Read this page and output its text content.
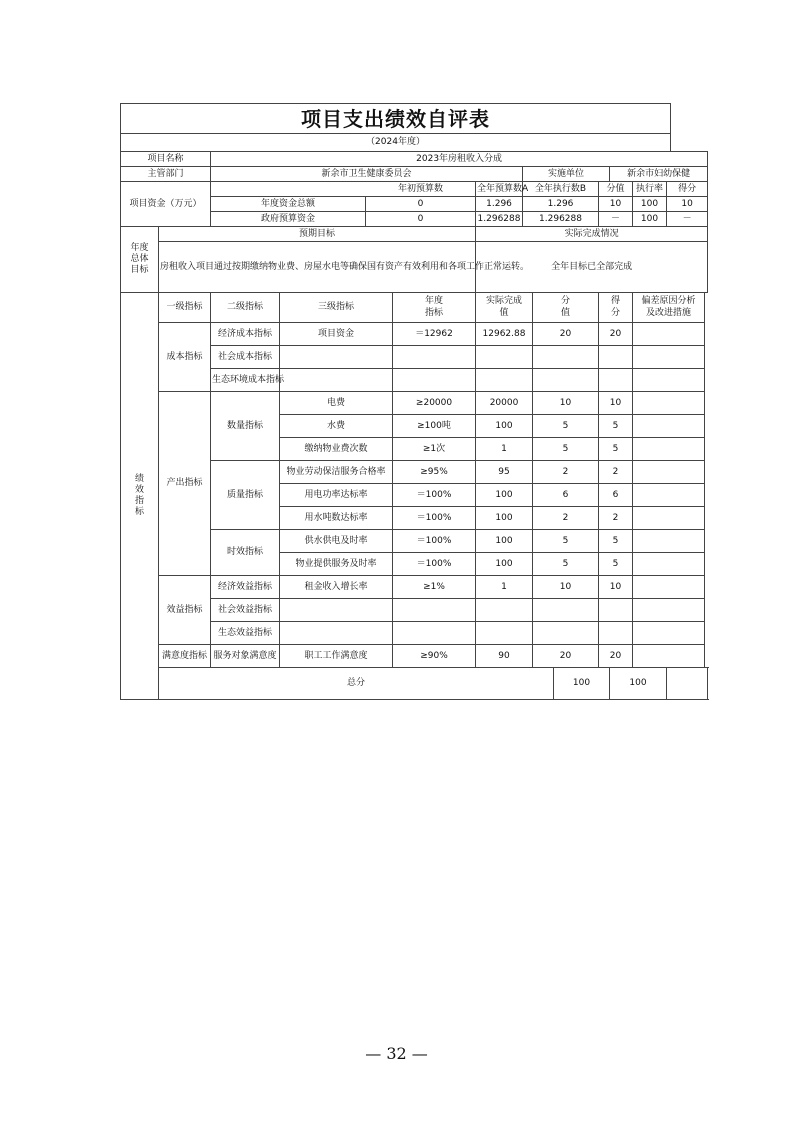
项目支出绩效自评表
（2024年度）
项目名称		2023年房租收入分成											
主管部门		新余市卫生健康委员会					实施单位				新余市妇幼保健		
项目资金（万元）				年初预算数		全年预算数A	全年执行数B			分值		执行率	得分
		年度资金总额		0		1.296	1.296			10		100	10
		政府预算资金		0		1.296288	1.296288			－		100	－
年度总体目标	预期目标					实际完成情况							
	房租收入项目通过按期缴纳物业费、房屋水电等确保国有资产有效利用和各项工作正常运转。					全年目标已全部完成							
绩效指标	一级指标	二级指标	三级指标		年度指标	实际完成值		分值		得分		偏差原因分析及改进措施	
	成本指标	经济成本指标	项目资金		＝12962	12962.88		20		20			
		社会成本指标											
		生态环境成本指标											
	产出指标	数量指标	电费		≥20000	20000		10		10			
			水费		≥100吨	100		5		5			
			缴纳物业费次数		≥1次	1		5		5			
		质量指标	物业劳动保洁服务合格率		≥95%	95		2		2			
			用电功率达标率		＝100%	100		6		6			
			用水吨数达标率		＝100%	100		2		2			
		时效指标	供水供电及时率		＝100%	100		5		5			
			物业提供服务及时率		＝100%	100		5		5			
	效益指标	经济效益指标	租金收入增长率		≥1%	1		10		10			
		社会效益指标											
		生态效益指标											
	满意度指标	服务对象满意度	职工工作满意度		≥90%	90		20		20			
	总分								100		100		
— 32 —
